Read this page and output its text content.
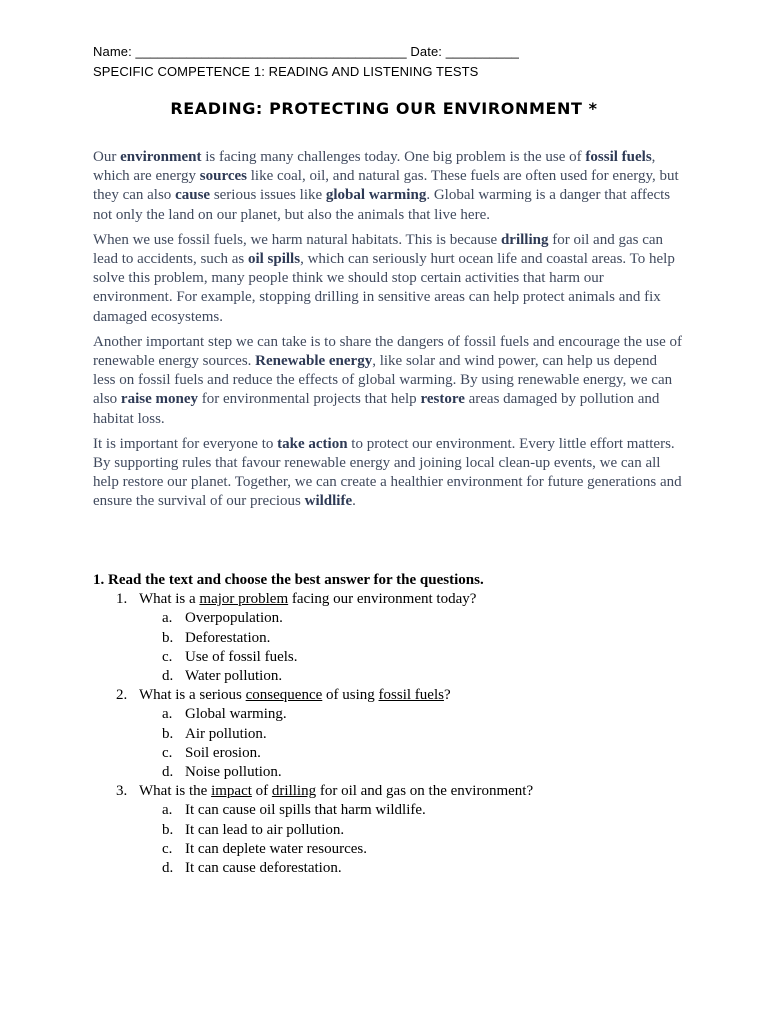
Name: _____________________________________ Date: __________
SPECIFIC COMPETENCE 1: READING AND LISTENING TESTS
READING: PROTECTING OUR ENVIRONMENT *

Our environment is facing many challenges today. One big problem is the use of fossil fuels, which are energy sources like coal, oil, and natural gas. These fuels are often used for energy, but they can also cause serious issues like global warming. Global warming is a danger that affects not only the land on our planet, but also the animals that live here.

When we use fossil fuels, we harm natural habitats. This is because drilling for oil and gas can lead to accidents, such as oil spills, which can seriously hurt ocean life and coastal areas. To help solve this problem, many people think we should stop certain activities that harm our environment. For example, stopping drilling in sensitive areas can help protect animals and fix damaged ecosystems.

Another important step we can take is to share the dangers of fossil fuels and encourage the use of renewable energy sources. Renewable energy, like solar and wind power, can help us depend less on fossil fuels and reduce the effects of global warming. By using renewable energy, we can also raise money for environmental projects that help restore areas damaged by pollution and habitat loss.

It is important for everyone to take action to protect our environment. Every little effort matters. By supporting rules that favour renewable energy and joining local clean-up events, we can all help restore our planet. Together, we can create a healthier environment for future generations and ensure the survival of our precious wildlife.

1. Read the text and choose the best answer for the questions.
1. What is a major problem facing our environment today?
a. Overpopulation.
b. Deforestation.
c. Use of fossil fuels.
d. Water pollution.
2. What is a serious consequence of using fossil fuels?
a. Global warming.
b. Air pollution.
c. Soil erosion.
d. Noise pollution.
3. What is the impact of drilling for oil and gas on the environment?
a. It can cause oil spills that harm wildlife.
b. It can lead to air pollution.
c. It can deplete water resources.
d. It can cause deforestation.
